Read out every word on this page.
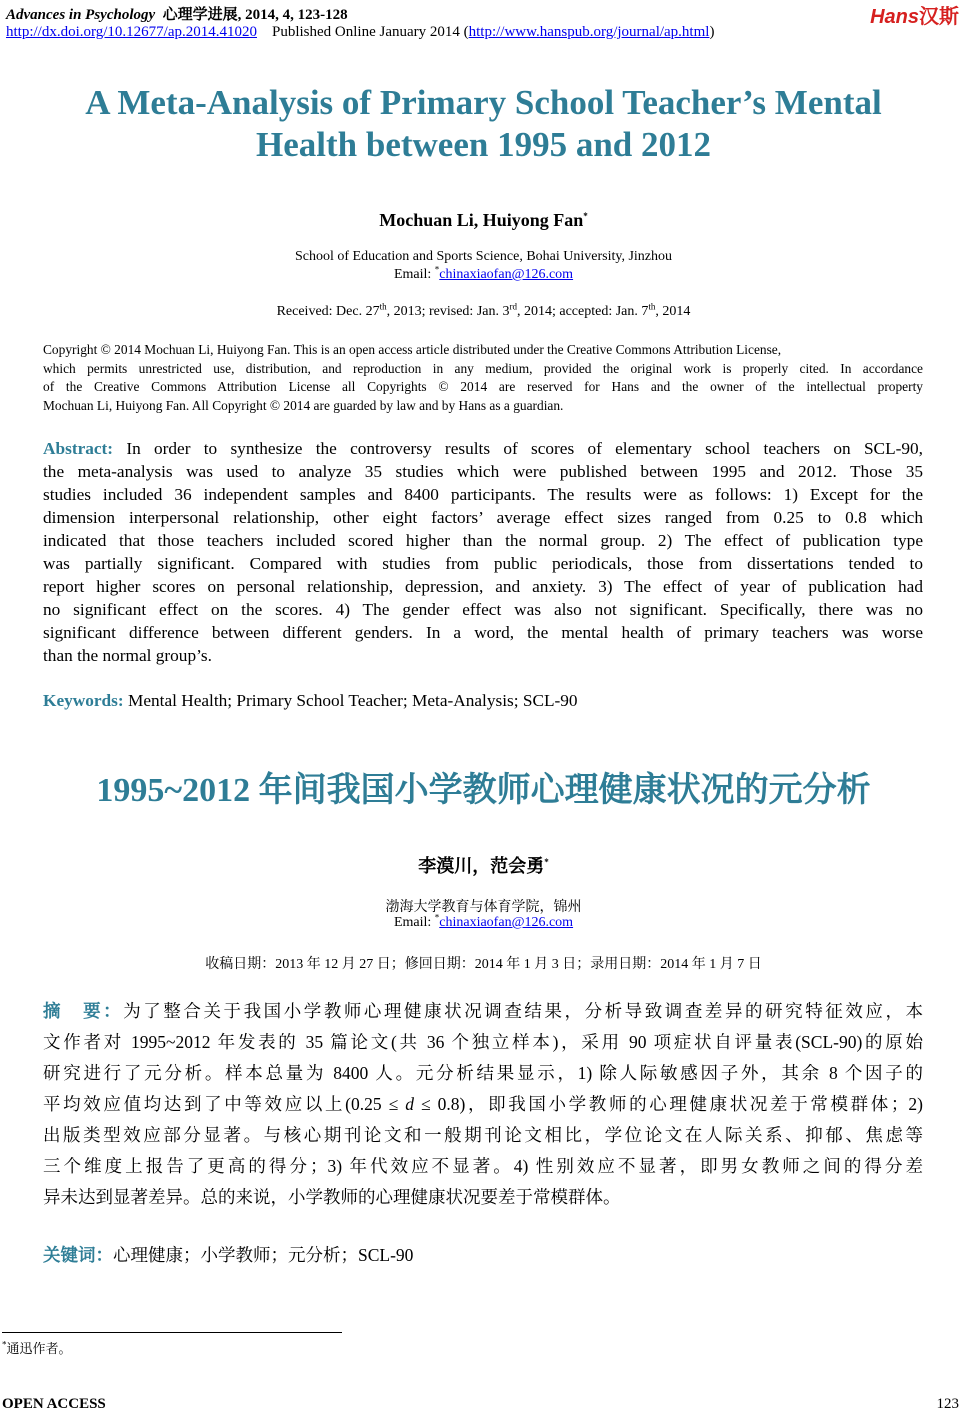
Advances in Psychology 心理学进展, 2014, 4, 123-128	Hans汉斯
http://dx.doi.org/10.12677/ap.2014.41020 Published Online January 2014 (http://www.hanspub.org/journal/ap.html)
A Meta-Analysis of Primary School Teacher’s Mental
Health between 1995 and 2012
Mochuan Li, Huiyong Fan*
School of Education and Sports Science, Bohai University, Jinzhou
Email: *chinaxiaofan@126.com
Received: Dec. 27th, 2013; revised: Jan. 3rd, 2014; accepted: Jan. 7th, 2014
Copyright © 2014 Mochuan Li, Huiyong Fan. This is an open access article distributed under the Creative Commons Attribution License,
which permits unrestricted use, distribution, and reproduction in any medium, provided the original work is properly cited. In accordance
of the Creative Commons Attribution License all Copyrights © 2014 are reserved for Hans and the owner of the intellectual property
Mochuan Li, Huiyong Fan. All Copyright © 2014 are guarded by law and by Hans as a guardian.
Abstract: In order to synthesize the controversy results of scores of elementary school teachers on SCL-90,
the meta-analysis was used to analyze 35 studies which were published between 1995 and 2012. Those 35
studies included 36 independent samples and 8400 participants. The results were as follows: 1) Except for the
dimension interpersonal relationship, other eight factors’ average effect sizes ranged from 0.25 to 0.8 which
indicated that those teachers included scored higher than the normal group. 2) The effect of publication type
was partially significant. Compared with studies from public periodicals, those from dissertations tended to
report higher scores on personal relationship, depression, and anxiety. 3) The effect of year of publication had
no significant effect on the scores. 4) The gender effect was also not significant. Specifically, there was no
significant difference between different genders. In a word, the mental health of primary teachers was worse
than the normal group’s.
Keywords: Mental Health; Primary School Teacher; Meta-Analysis; SCL-90
1995~2012 年间我国小学教师心理健康状况的元分析
李漠川，范会勇*
渤海大学教育与体育学院，锦州
Email: *chinaxiaofan@126.com
收稿日期：2013 年 12 月 27 日；修回日期：2014 年 1 月 3 日；录用日期：2014 年 1 月 7 日
摘　要：为了整合关于我国小学教师心理健康状况调查结果，分析导致调查差异的研究特征效应，本
文作者对 1995~2012 年发表的 35 篇论文(共 36 个独立样本)，采用 90 项症状自评量表(SCL-90)的原始
研究进行了元分析。样本总量为 8400 人。元分析结果显示，1) 除人际敏感因子外，其余 8 个因子的
平均效应值均达到了中等效应以上(0.25 ≤ d ≤ 0.8)，即我国小学教师的心理健康状况差于常模群体；2)
出版类型效应部分显著。与核心期刊论文和一般期刊论文相比，学位论文在人际关系、抑郁、焦虑等
三个维度上报告了更高的得分；3) 年代效应不显著。4) 性别效应不显著，即男女教师之间的得分差
异未达到显著差异。总的来说，小学教师的心理健康状况要差于常模群体。
关键词：心理健康；小学教师；元分析；SCL-90
*通迅作者。
OPEN ACCESS	123
